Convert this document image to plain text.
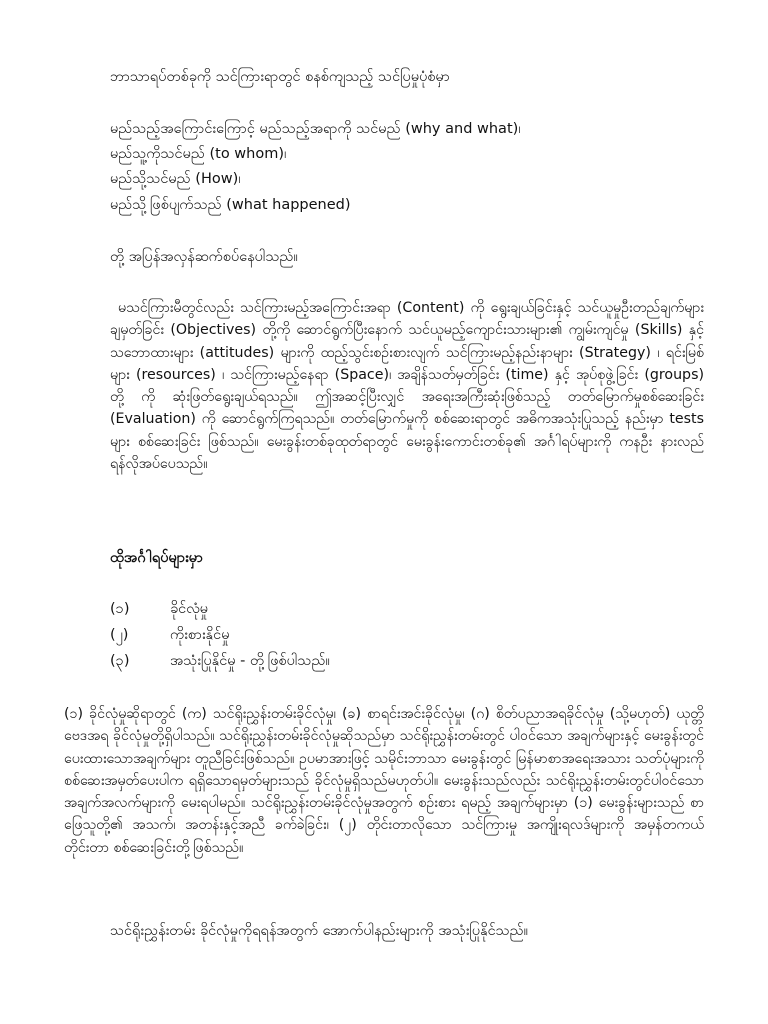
ဘာသာရပ်တစ်ခုကို သင်ကြားရာတွင် စနစ်ကျသည့် သင်ပြမှုပုံစံမှာ
မည်သည့်အကြောင်းကြောင့် မည်သည့်အရာကို သင်မည် (why and what)၊
မည်သူ့ကိုသင်မည် (to whom)၊
မည်သို့သင်မည် (How)၊
မည်သို့ဖြစ်ပျက်သည် (what happened)
တို့ အပြန်အလှန်ဆက်စပ်နေပါသည်။
မသင်ကြားမီတွင်လည်း သင်ကြားမည့်အကြောင်းအရာ (Content) ကို ရွေးချယ်ခြင်းနှင့် သင်ယူမှုဦးတည်ချက်များ ချမှတ်ခြင်း (Objectives) တို့ကို ဆောင်ရွက်ပြီးနောက် သင်ယူမည့်ကျောင်းသားများ၏ ကျွမ်းကျင်မှု (Skills) နှင့် သဘောထားများ (attitudes) များကို ထည့်သွင်းစဉ်းစားလျက် သင်ကြားမည့်နည်းနာများ (Strategy) ၊ ရင်းမြစ်များ (resources) ၊ သင်ကြားမည့်နေရာ (Space)၊ အချိန်သတ်မှတ်ခြင်း (time) နှင့် အုပ်စုဖွဲ့ခြင်း (groups) တို့ ကို ဆုံးဖြတ်ရွေးချယ်ရသည်။ ဤအဆင့်ပြီးလျှင် အရေးအကြီးဆုံးဖြစ်သည့် တတ်မြောက်မှုစစ်ဆေးခြင်း (Evaluation) ကို ဆောင်ရွက်ကြရသည်။ တတ်မြောက်မှုကို စစ်ဆေးရာတွင် အဓိကအသုံးပြုသည့် နည်းမှာ tests များ စစ်ဆေးခြင်း ဖြစ်သည်။ မေးခွန်းတစ်ခုထုတ်ရာတွင် မေးခွန်းကောင်းတစ်ခု၏ အင်္ဂါရပ်များကို ကနဦး နားလည်ရန်လိုအပ်ပေသည်။
ထိုအင်္ဂါရပ်များမှာ
(၁)	ခိုင်လုံမှု
(၂)	ကိုးစားနိုင်မှု
(၃)	အသုံးပြုနိုင်မှု - တို့ဖြစ်ပါသည်။
(၁) ခိုင်လုံမှုဆိုရာတွင် (က) သင်ရိုးညွှန်းတမ်းခိုင်လုံမှု၊ (ခ) စာရင်းအင်းခိုင်လုံမှု၊ (ဂ) စိတ်ပညာအရခိုင်လုံမှု (သို့မဟုတ်) ယုတ္တိဗေဒအရ ခိုင်လုံမှုတို့ရှိပါသည်။ သင်ရိုးညွှန်းတမ်းခိုင်လုံမှုဆိုသည်မှာ သင်ရိုးညွှန်းတမ်းတွင် ပါဝင်သော အချက်များနှင့် မေးခွန်းတွင် ပေးထားသောအချက်များ တူညီခြင်းဖြစ်သည်။ ဥပမာအားဖြင့် သမိုင်းဘာသာ မေးခွန်းတွင် မြန်မာစာအရေးအသား သတ်ပုံများကို စစ်ဆေးအမှတ်ပေးပါက ရရှိသောရမှတ်များသည် ခိုင်လုံမှုရှိသည်မဟုတ်ပါ။ မေးခွန်းသည်လည်း သင်ရိုးညွှန်းတမ်းတွင်ပါဝင်သော အချက်အလက်များကို မေးရပါမည်။ သင်ရိုးညွှန်းတမ်းခိုင်လုံမှုအတွက် စဉ်းစား ရမည့် အချက်များမှာ (၁) မေးခွန်းများသည် စာဖြေသူတို့၏ အသက်၊ အတန်းနှင့်အညီ ခက်ခဲခြင်း၊ (၂) တိုင်းတာလိုသော သင်ကြားမှု အကျိုးရလဒ်များကို အမှန်တကယ် တိုင်းတာ စစ်ဆေးခြင်းတို့ဖြစ်သည်။
သင်ရိုးညွှန်းတမ်း ခိုင်လုံမှုကိုရရန်အတွက် အောက်ပါနည်းများကို အသုံးပြုနိုင်သည်။
